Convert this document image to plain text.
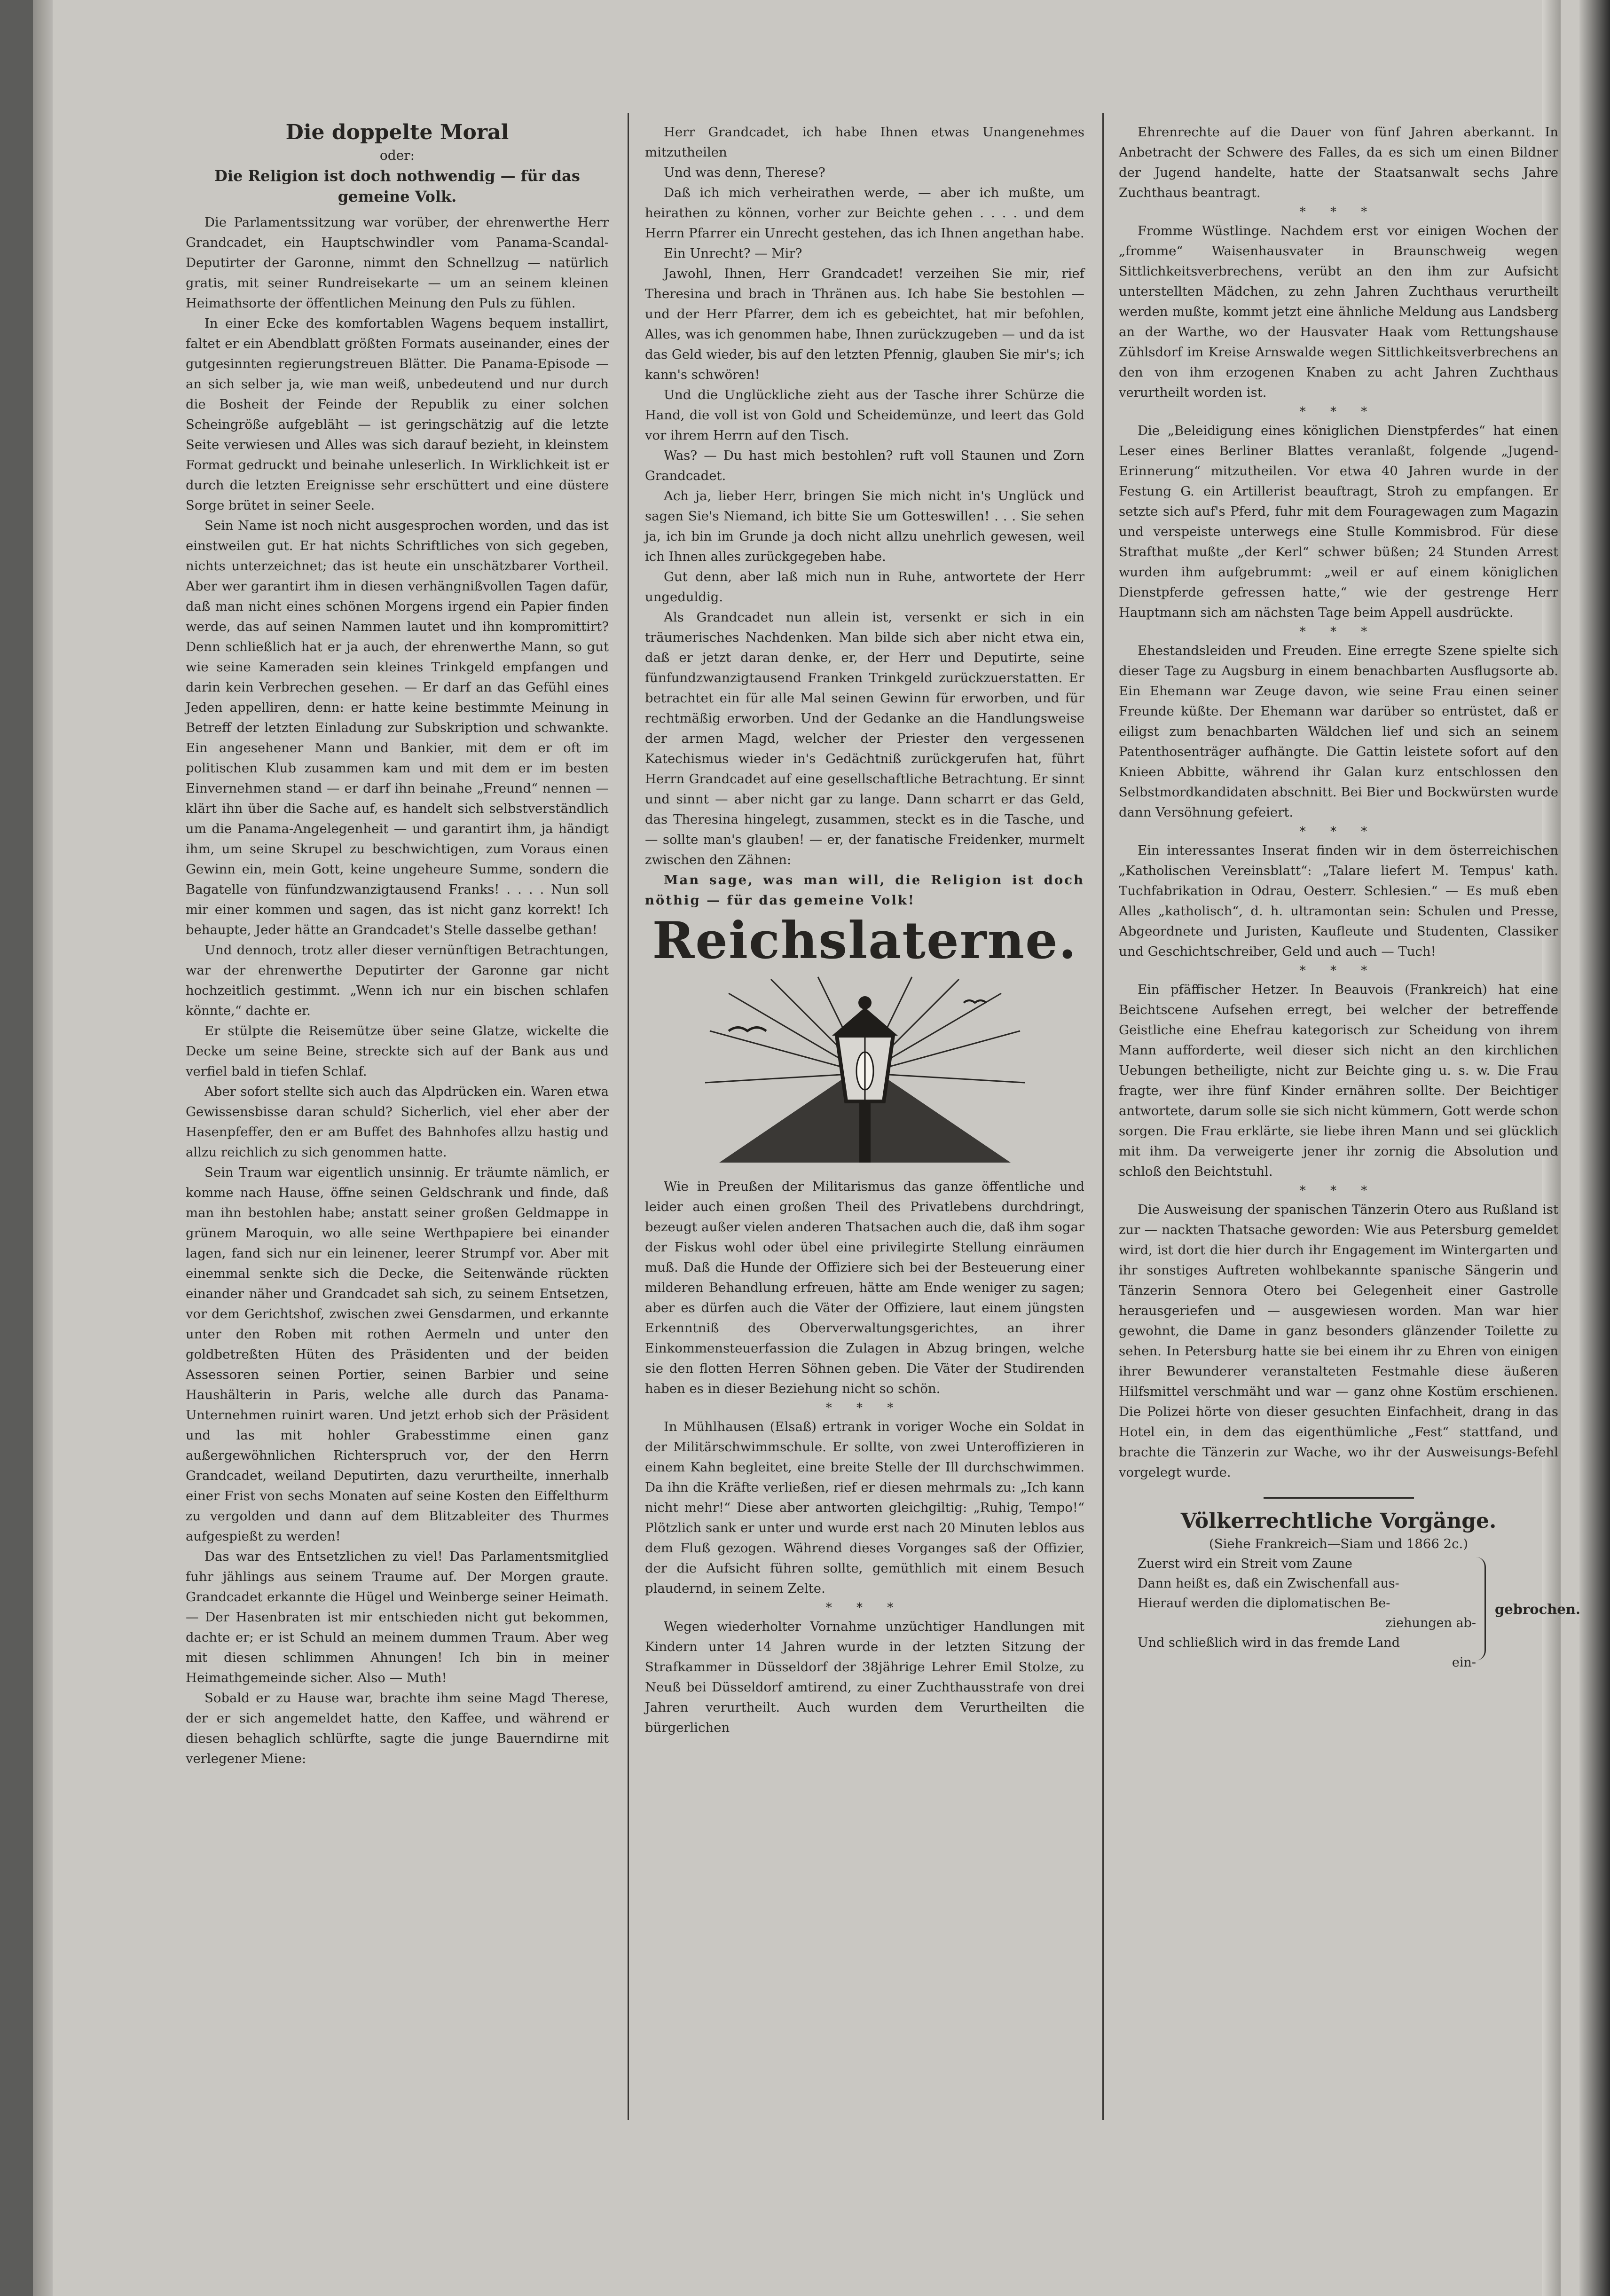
Die doppelte Moral
oder:
Die Religion ist doch nothwendig — für das gemeine Volk.

Die Parlamentssitzung war vorüber, der ehrenwerthe Herr Grandcadet, ein Hauptschwindler vom Panama-Scandal-Deputirter der Garonne, nimmt den Schnellzug — natürlich gratis, mit seiner Rundreisekarte — um an seinem kleinen Heimathsorte der öffentlichen Meinung den Puls zu fühlen.

In einer Ecke des komfortablen Wagens bequem installirt, faltet er ein Abendblatt größten Formats auseinander, eines der gutgesinnten regierungstreuen Blätter. Die Panama-Episode — an sich selber ja, wie man weiß, unbedeutend und nur durch die Bosheit der Feinde der Republik zu einer solchen Scheingröße aufgebläht — ist geringschätzig auf die letzte Seite verwiesen und Alles was sich darauf bezieht, in kleinstem Format gedruckt und beinahe unleserlich. In Wirklichkeit ist er durch die letzten Ereignisse sehr erschüttert und eine düstere Sorge brütet in seiner Seele.

Sein Name ist noch nicht ausgesprochen worden, und das ist einstweilen gut. Er hat nichts Schriftliches von sich gegeben, nichts unterzeichnet; das ist heute ein unschätzbarer Vortheil. Aber wer garantirt ihm in diesen verhängnißvollen Tagen dafür, daß man nicht eines schönen Morgens irgend ein Papier finden werde, das auf seinen Nammen lautet und ihn kompromittirt? Denn schließlich hat er ja auch, der ehrenwerthe Mann, so gut wie seine Kameraden sein kleines Trinkgeld empfangen und darin kein Verbrechen gesehen. — Er darf an das Gefühl eines Jeden appelliren, denn: er hatte keine bestimmte Meinung in Betreff der letzten Einladung zur Subskription und schwankte. Ein angesehener Mann und Bankier, mit dem er oft im politischen Klub zusammen kam und mit dem er im besten Einvernehmen stand — er darf ihn beinahe „Freund“ nennen — klärt ihn über die Sache auf, es handelt sich selbstverständlich um die Panama-Angelegenheit — und garantirt ihm, ja händigt ihm, um seine Skrupel zu beschwichtigen, zum Voraus einen Gewinn ein, mein Gott, keine ungeheure Summe, sondern die Bagatelle von fünfundzwanzigtausend Franks! . . . . Nun soll mir einer kommen und sagen, das ist nicht ganz korrekt! Ich behaupte, Jeder hätte an Grandcadet's Stelle dasselbe gethan!

Und dennoch, trotz aller dieser vernünftigen Betrachtungen, war der ehrenwerthe Deputirter der Garonne gar nicht hochzeitlich gestimmt. „Wenn ich nur ein bischen schlafen könnte,“ dachte er.

Er stülpte die Reisemütze über seine Glatze, wickelte die Decke um seine Beine, streckte sich auf der Bank aus und verfiel bald in tiefen Schlaf.

Aber sofort stellte sich auch das Alpdrücken ein. Waren etwa Gewissensbisse daran schuld? Sicherlich, viel eher aber der Hasenpfeffer, den er am Buffet des Bahnhofes allzu hastig und allzu reichlich zu sich genommen hatte.

Sein Traum war eigentlich unsinnig. Er träumte nämlich, er komme nach Hause, öffne seinen Geldschrank und finde, daß man ihn bestohlen habe; anstatt seiner großen Geldmappe in grünem Maroquin, wo alle seine Werthpapiere bei einander lagen, fand sich nur ein leinener, leerer Strumpf vor. Aber mit einemmal senkte sich die Decke, die Seitenwände rückten einander näher und Grandcadet sah sich, zu seinem Entsetzen, vor dem Gerichtshof, zwischen zwei Gensdarmen, und erkannte unter den Roben mit rothen Aermeln und unter den goldbetreßten Hüten des Präsidenten und der beiden Assessoren seinen Portier, seinen Barbier und seine Haushälterin in Paris, welche alle durch das Panama-Unternehmen ruinirt waren. Und jetzt erhob sich der Präsident und las mit hohler Grabesstimme einen ganz außergewöhnlichen Richterspruch vor, der den Herrn Grandcadet, weiland Deputirten, dazu verurtheilte, innerhalb einer Frist von sechs Monaten auf seine Kosten den Eiffelthurm zu vergolden und dann auf dem Blitzableiter des Thurmes aufgespießt zu werden!

Das war des Entsetzlichen zu viel! Das Parlamentsmitglied fuhr jählings aus seinem Traume auf. Der Morgen graute. Grandcadet erkannte die Hügel und Weinberge seiner Heimath. — Der Hasenbraten ist mir entschieden nicht gut bekommen, dachte er; er ist Schuld an meinem dummen Traum. Aber weg mit diesen schlimmen Ahnungen! Ich bin in meiner Heimathgemeinde sicher. Also — Muth!

Sobald er zu Hause war, brachte ihm seine Magd Therese, der er sich angemeldet hatte, den Kaffee, und während er diesen behaglich schlürfte, sagte die junge Bauerndirne mit verlegener Miene:

Herr Grandcadet, ich habe Ihnen etwas Unangenehmes mitzutheilen

Und was denn, Therese?

Daß ich mich verheirathen werde, — aber ich mußte, um heirathen zu können, vorher zur Beichte gehen . . . . und dem Herrn Pfarrer ein Unrecht gestehen, das ich Ihnen angethan habe.

Ein Unrecht? — Mir?

Jawohl, Ihnen, Herr Grandcadet! verzeihen Sie mir, rief Theresina und brach in Thränen aus. Ich habe Sie bestohlen — und der Herr Pfarrer, dem ich es gebeichtet, hat mir befohlen, Alles, was ich genommen habe, Ihnen zurückzugeben — und da ist das Geld wieder, bis auf den letzten Pfennig, glauben Sie mir's; ich kann's schwören!

Und die Unglückliche zieht aus der Tasche ihrer Schürze die Hand, die voll ist von Gold und Scheidemünze, und leert das Gold vor ihrem Herrn auf den Tisch.

Was? — Du hast mich bestohlen? ruft voll Staunen und Zorn Grandcadet.

Ach ja, lieber Herr, bringen Sie mich nicht in's Unglück und sagen Sie's Niemand, ich bitte Sie um Gotteswillen! . . . Sie sehen ja, ich bin im Grunde ja doch nicht allzu unehrlich gewesen, weil ich Ihnen alles zurückgegeben habe.

Gut denn, aber laß mich nun in Ruhe, antwortete der Herr ungeduldig.

Als Grandcadet nun allein ist, versenkt er sich in ein träumerisches Nachdenken. Man bilde sich aber nicht etwa ein, daß er jetzt daran denke, er, der Herr und Deputirte, seine fünfundzwanzigtausend Franken Trinkgeld zurückzuerstatten. Er betrachtet ein für alle Mal seinen Gewinn für erworben, und für rechtmäßig erworben. Und der Gedanke an die Handlungsweise der armen Magd, welcher der Priester den vergessenen Katechismus wieder in's Gedächtniß zurückgerufen hat, führt Herrn Grandcadet auf eine gesellschaftliche Betrachtung. Er sinnt und sinnt — aber nicht gar zu lange. Dann scharrt er das Geld, das Theresina hingelegt, zusammen, steckt es in die Tasche, und — sollte man's glauben! — er, der fanatische Freidenker, murmelt zwischen den Zähnen:

Man sage, was man will, die Religion ist doch nöthig — für das gemeine Volk!

Reichslaterne.

Wie in Preußen der Militarismus das ganze öffentliche und leider auch einen großen Theil des Privatlebens durchdringt, bezeugt außer vielen anderen Thatsachen auch die, daß ihm sogar der Fiskus wohl oder übel eine privilegirte Stellung einräumen muß. Daß die Hunde der Offiziere sich bei der Besteuerung einer milderen Behandlung erfreuen, hätte am Ende weniger zu sagen; aber es dürfen auch die Väter der Offiziere, laut einem jüngsten Erkenntniß des Oberverwaltungsgerichtes, an ihrer Einkommensteuerfassion die Zulagen in Abzug bringen, welche sie den flotten Herren Söhnen geben. Die Väter der Studirenden haben es in dieser Beziehung nicht so schön.

* * *

In Mühlhausen (Elsaß) ertrank in voriger Woche ein Soldat in der Militärschwimmschule. Er sollte, von zwei Unteroffizieren in einem Kahn begleitet, eine breite Stelle der Ill durchschwimmen. Da ihn die Kräfte verließen, rief er diesen mehrmals zu: „Ich kann nicht mehr!“ Diese aber antworten gleichgiltig: „Ruhig, Tempo!“ Plötzlich sank er unter und wurde erst nach 20 Minuten leblos aus dem Fluß gezogen. Während dieses Vorganges saß der Offizier, der die Aufsicht führen sollte, gemüthlich mit einem Besuch plaudernd, in seinem Zelte.

* * *

Wegen wiederholter Vornahme unzüchtiger Handlungen mit Kindern unter 14 Jahren wurde in der letzten Sitzung der Strafkammer in Düsseldorf der 38jährige Lehrer Emil Stolze, zu Neuß bei Düsseldorf amtirend, zu einer Zuchthausstrafe von drei Jahren verurtheilt. Auch wurden dem Verurtheilten die bürgerlichen

Ehrenrechte auf die Dauer von fünf Jahren aberkannt. In Anbetracht der Schwere des Falles, da es sich um einen Bildner der Jugend handelte, hatte der Staatsanwalt sechs Jahre Zuchthaus beantragt.

* * *

Fromme Wüstlinge. Nachdem erst vor einigen Wochen der „fromme“ Waisenhausvater in Braunschweig wegen Sittlichkeitsverbrechens, verübt an den ihm zur Aufsicht unterstellten Mädchen, zu zehn Jahren Zuchthaus verurtheilt werden mußte, kommt jetzt eine ähnliche Meldung aus Landsberg an der Warthe, wo der Hausvater Haak vom Rettungshause Zühlsdorf im Kreise Arnswalde wegen Sittlichkeitsverbrechens an den von ihm erzogenen Knaben zu acht Jahren Zuchthaus verurtheilt worden ist.

* * *

Die „Beleidigung eines königlichen Dienstpferdes“ hat einen Leser eines Berliner Blattes veranlaßt, folgende „Jugend-Erinnerung“ mitzutheilen. Vor etwa 40 Jahren wurde in der Festung G. ein Artillerist beauftragt, Stroh zu empfangen. Er setzte sich auf's Pferd, fuhr mit dem Fouragewagen zum Magazin und verspeiste unterwegs eine Stulle Kommisbrod. Für diese Strafthat mußte „der Kerl“ schwer büßen; 24 Stunden Arrest wurden ihm aufgebrummt: „weil er auf einem königlichen Dienstpferde gefressen hatte,“ wie der gestrenge Herr Hauptmann sich am nächsten Tage beim Appell ausdrückte.

* * *

Ehestandsleiden und Freuden. Eine erregte Szene spielte sich dieser Tage zu Augsburg in einem benachbarten Ausflugsorte ab. Ein Ehemann war Zeuge davon, wie seine Frau einen seiner Freunde küßte. Der Ehemann war darüber so entrüstet, daß er eiligst zum benachbarten Wäldchen lief und sich an seinem Patenthosenträger aufhängte. Die Gattin leistete sofort auf den Knieen Abbitte, während ihr Galan kurz entschlossen den Selbstmordkandidaten abschnitt. Bei Bier und Bockwürsten wurde dann Versöhnung gefeiert.

* * *

Ein interessantes Inserat finden wir in dem österreichischen „Katholischen Vereinsblatt“: „Talare liefert M. Tempus' kath. Tuchfabrikation in Odrau, Oesterr. Schlesien.“ — Es muß eben Alles „katholisch“, d. h. ultramontan sein: Schulen und Presse, Abgeordnete und Juristen, Kaufleute und Studenten, Classiker und Geschichtschreiber, Geld und auch — Tuch!

* * *

Ein pfäffischer Hetzer. In Beauvois (Frankreich) hat eine Beichtscene Aufsehen erregt, bei welcher der betreffende Geistliche eine Ehefrau kategorisch zur Scheidung von ihrem Mann aufforderte, weil dieser sich nicht an den kirchlichen Uebungen betheiligte, nicht zur Beichte ging u. s. w. Die Frau fragte, wer ihre fünf Kinder ernähren sollte. Der Beichtiger antwortete, darum solle sie sich nicht kümmern, Gott werde schon sorgen. Die Frau erklärte, sie liebe ihren Mann und sei glücklich mit ihm. Da verweigerte jener ihr zornig die Absolution und schloß den Beichtstuhl.

* * *

Die Ausweisung der spanischen Tänzerin Otero aus Rußland ist zur — nackten Thatsache geworden: Wie aus Petersburg gemeldet wird, ist dort die hier durch ihr Engagement im Wintergarten und ihr sonstiges Auftreten wohlbekannte spanische Sängerin und Tänzerin Sennora Otero bei Gelegenheit einer Gastrolle herausgeriefen und — ausgewiesen worden. Man war hier gewohnt, die Dame in ganz besonders glänzender Toilette zu sehen. In Petersburg hatte sie bei einem ihr zu Ehren von einigen ihrer Bewunderer veranstalteten Festmahle diese äußeren Hilfsmittel verschmäht und war — ganz ohne Kostüm erschienen. Die Polizei hörte von dieser gesuchten Einfachheit, drang in das Hotel ein, in dem das eigenthümliche „Fest“ stattfand, und brachte die Tänzerin zur Wache, wo ihr der Ausweisungs-Befehl vorgelegt wurde.

Völkerrechtliche Vorgänge.
(Siehe Frankreich—Siam und 1866 2c.)
Zuerst wird ein Streit vom Zaune
Dann heißt es, daß ein Zwischenfall aus-
Hierauf werden die diplomatischen Be-
ziehungen ab-
Und schließlich wird in das fremde Land
ein-
gebrochen.
